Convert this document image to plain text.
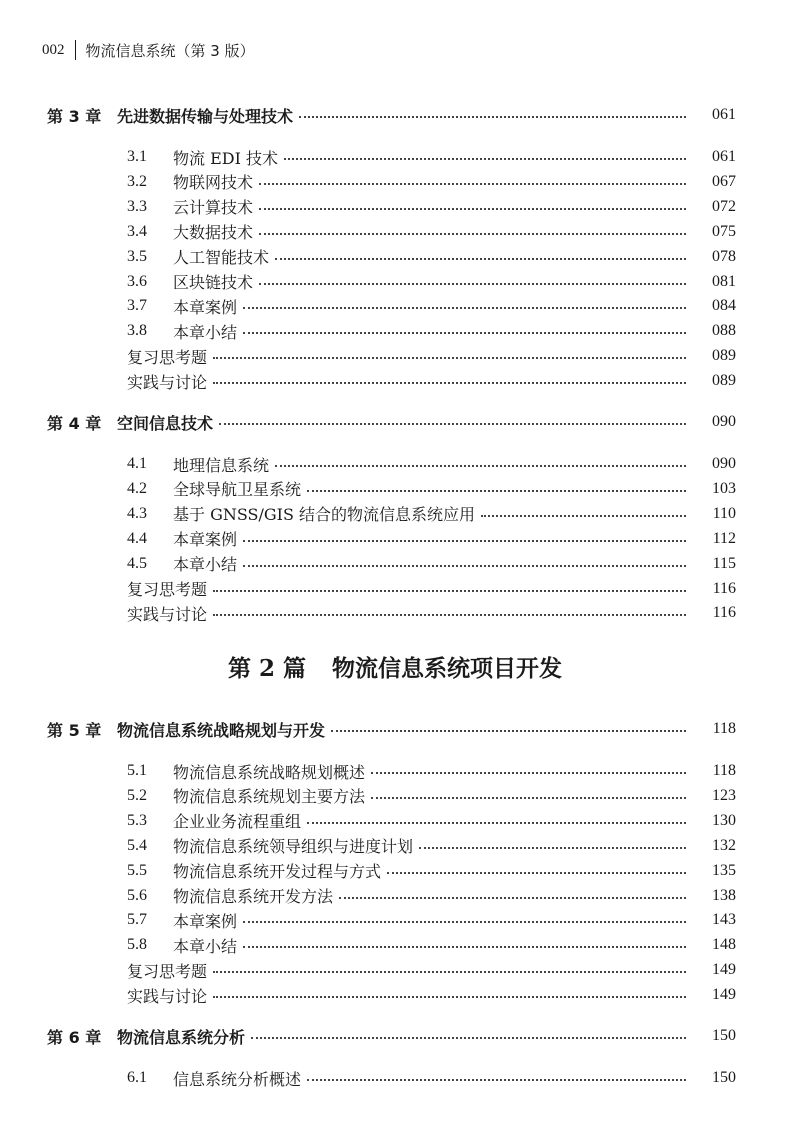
002 物流信息系统（第 3 版）
第 2 篇 物流信息系统项目开发
第 3 章 先进数据传输与处理技术	061
3.1	物流 EDI 技术	061
3.2	物联网技术	067
3.3	云计算技术	072
3.4	大数据技术	075
3.5	人工智能技术	078
3.6	区块链技术	081
3.7	本章案例	084
3.8	本章小结	088
复习思考题	089
实践与讨论	089
第 4 章 空间信息技术	090
4.1	地理信息系统	090
4.2	全球导航卫星系统	103
4.3	基于 GNSS/GIS 结合的物流信息系统应用	110
4.4	本章案例	112
4.5	本章小结	115
复习思考题	116
实践与讨论	116
第 5 章 物流信息系统战略规划与开发	118
5.1	物流信息系统战略规划概述	118
5.2	物流信息系统规划主要方法	123
5.3	企业业务流程重组	130
5.4	物流信息系统领导组织与进度计划	132
5.5	物流信息系统开发过程与方式	135
5.6	物流信息系统开发方法	138
5.7	本章案例	143
5.8	本章小结	148
复习思考题	149
实践与讨论	149
第 6 章 物流信息系统分析	150
6.1	信息系统分析概述	150
